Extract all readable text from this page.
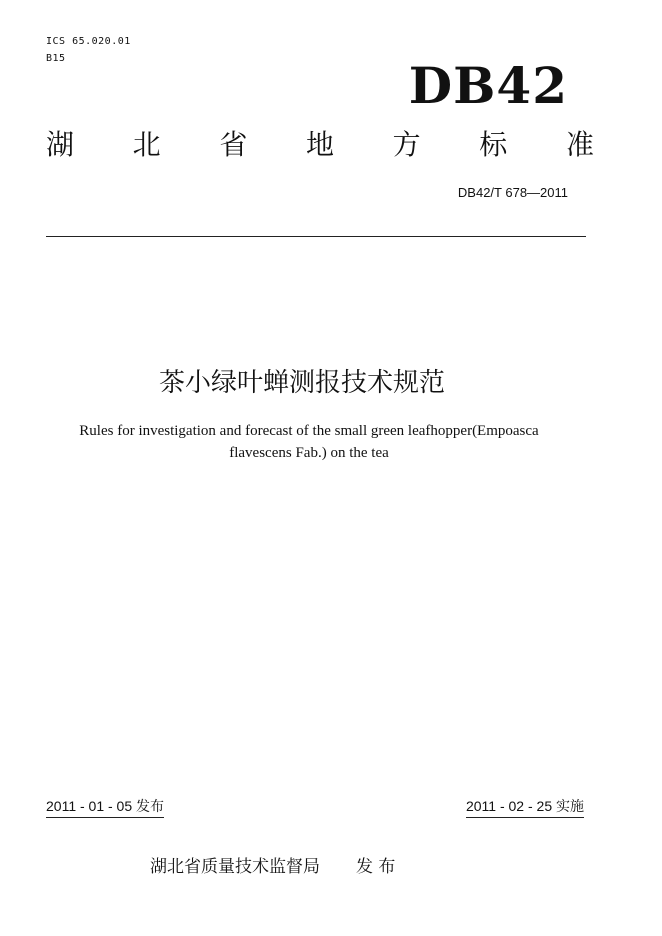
ICS 65.020.01
B15	DB42
湖 北 省 地 方 标 准
DB42/T 678—2011
茶小绿叶蝉测报技术规范
Rules for investigation and forecast of the small green leafhopper(Empoasca
flavescens Fab.) on the tea
2011 - 01 - 05 发布	2011 - 02 - 25 实施
湖北省质量技术监督局 发 布
